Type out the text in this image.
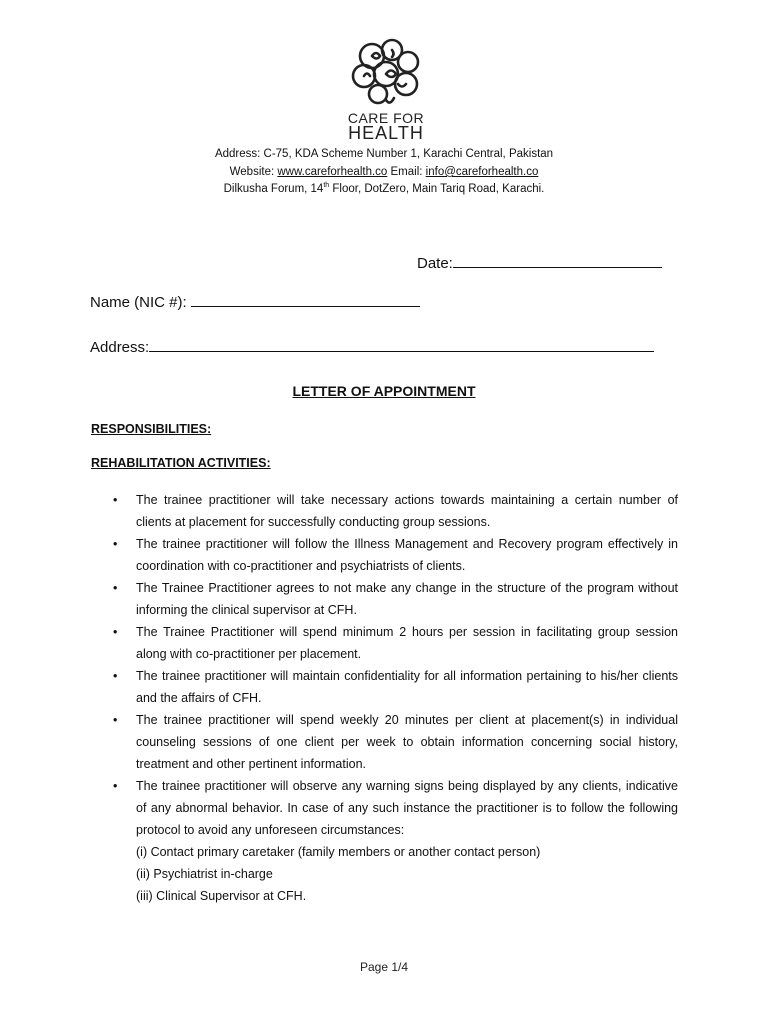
CARE FOR
HEALTH
Address: C-75, KDA Scheme Number 1, Karachi Central, Pakistan
Website: www.careforhealth.co Email: info@careforhealth.co
Dilkusha Forum, 14th Floor, DotZero, Main Tariq Road, Karachi.
Date:
Name (NIC #):
Address:
LETTER OF APPOINTMENT
RESPONSIBILITIES:
REHABILITATION ACTIVITIES:
• The trainee practitioner will take necessary actions towards maintaining a certain number of clients at placement for successfully conducting group sessions.
• The trainee practitioner will follow the Illness Management and Recovery program effectively in coordination with co-practitioner and psychiatrists of clients.
• The Trainee Practitioner agrees to not make any change in the structure of the program without informing the clinical supervisor at CFH.
• The Trainee Practitioner will spend minimum 2 hours per session in facilitating group session along with co-practitioner per placement.
• The trainee practitioner will maintain confidentiality for all information pertaining to his/her clients and the affairs of CFH.
• The trainee practitioner will spend weekly 20 minutes per client at placement(s) in individual counseling sessions of one client per week to obtain information concerning social history, treatment and other pertinent information.
• The trainee practitioner will observe any warning signs being displayed by any clients, indicative of any abnormal behavior. In case of any such instance the practitioner is to follow the following protocol to avoid any unforeseen circumstances:
(i) Contact primary caretaker (family members or another contact person)
(ii) Psychiatrist in-charge
(iii) Clinical Supervisor at CFH.
Page 1/4
